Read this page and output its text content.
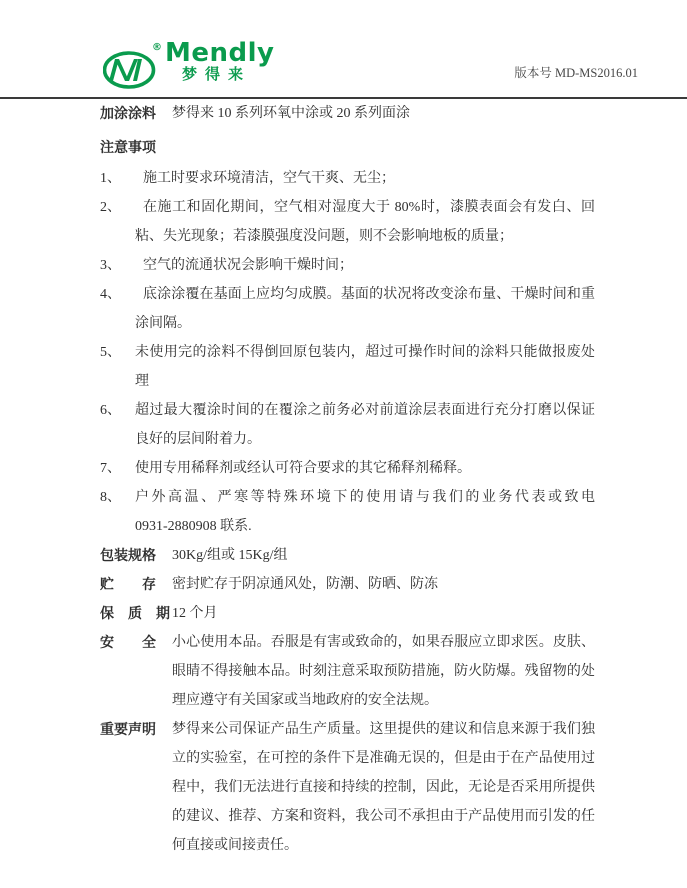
® Mendly
梦得来	版本号 MD-MS2016.01
加涂涂料	梦得来 10 系列环氧中涂或 20 系列面涂
注意事项
1、	施工时要求环境清洁，空气干爽、无尘；
2、	在施工和固化期间，空气相对湿度大于 80%时，漆膜表面会有发白、回粘、失光现象；若漆膜强度没问题，则不会影响地板的质量；
3、	空气的流通状况会影响干燥时间；
4、	底涂涂覆在基面上应均匀成膜。基面的状况将改变涂布量、干燥时间和重涂间隔。
5、	未使用完的涂料不得倒回原包装内，超过可操作时间的涂料只能做报废处理
6、	超过最大覆涂时间的在覆涂之前务必对前道涂层表面进行充分打磨以保证良好的层间附着力。
7、	使用专用稀释剂或经认可符合要求的其它稀释剂稀释。
8、	户外高温、严寒等特殊环境下的使用请与我们的业务代表或致电 0931‑2880908 联系.
包装规格	30Kg/组或 15Kg/组
贮　　存	密封贮存于阴凉通风处，防潮、防晒、防冻
保　质　期 12 个月
安　　全	小心使用本品。吞服是有害或致命的，如果吞服应立即求医。皮肤、眼睛不得接触本品。时刻注意采取预防措施，防火防爆。残留物的处理应遵守有关国家或当地政府的安全法规。
重要声明	梦得来公司保证产品生产质量。这里提供的建议和信息来源于我们独立的实验室，在可控的条件下是准确无误的，但是由于在产品使用过程中，我们无法进行直接和持续的控制，因此，无论是否采用所提供的建议、推荐、方案和资料，我公司不承担由于产品使用而引发的任何直接或间接责任。
